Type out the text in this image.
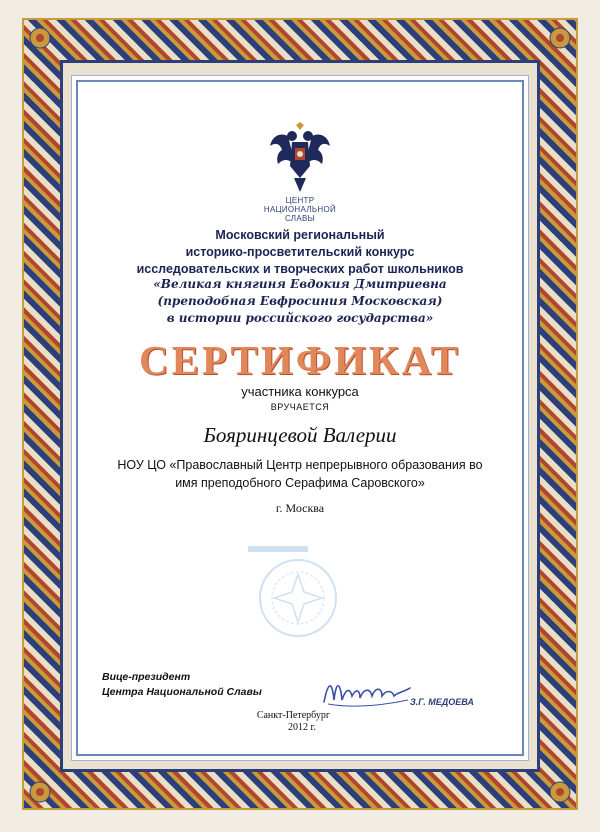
ЦЕНТР
НАЦИОНАЛЬНОЙ
СЛАВЫ
Московский региональный
историко-просветительский конкурс
исследовательских и творческих работ школьников
«Великая княгиня Евдокия Дмитриевна
(преподобная Евфросиния Московская)
в истории российского государства»
СЕРТИФИКАТ
участника конкурса
ВРУЧАЕТСЯ
Бояринцевой Валерии
НОУ ЦО «Православный Центр непрерывного образования во
имя преподобного Серафима Саровского»
г. Москва
Вице-президент
Центра Национальной Славы
З.Г. МЕДОЕВА
Санкт-Петербург
2012 г.
